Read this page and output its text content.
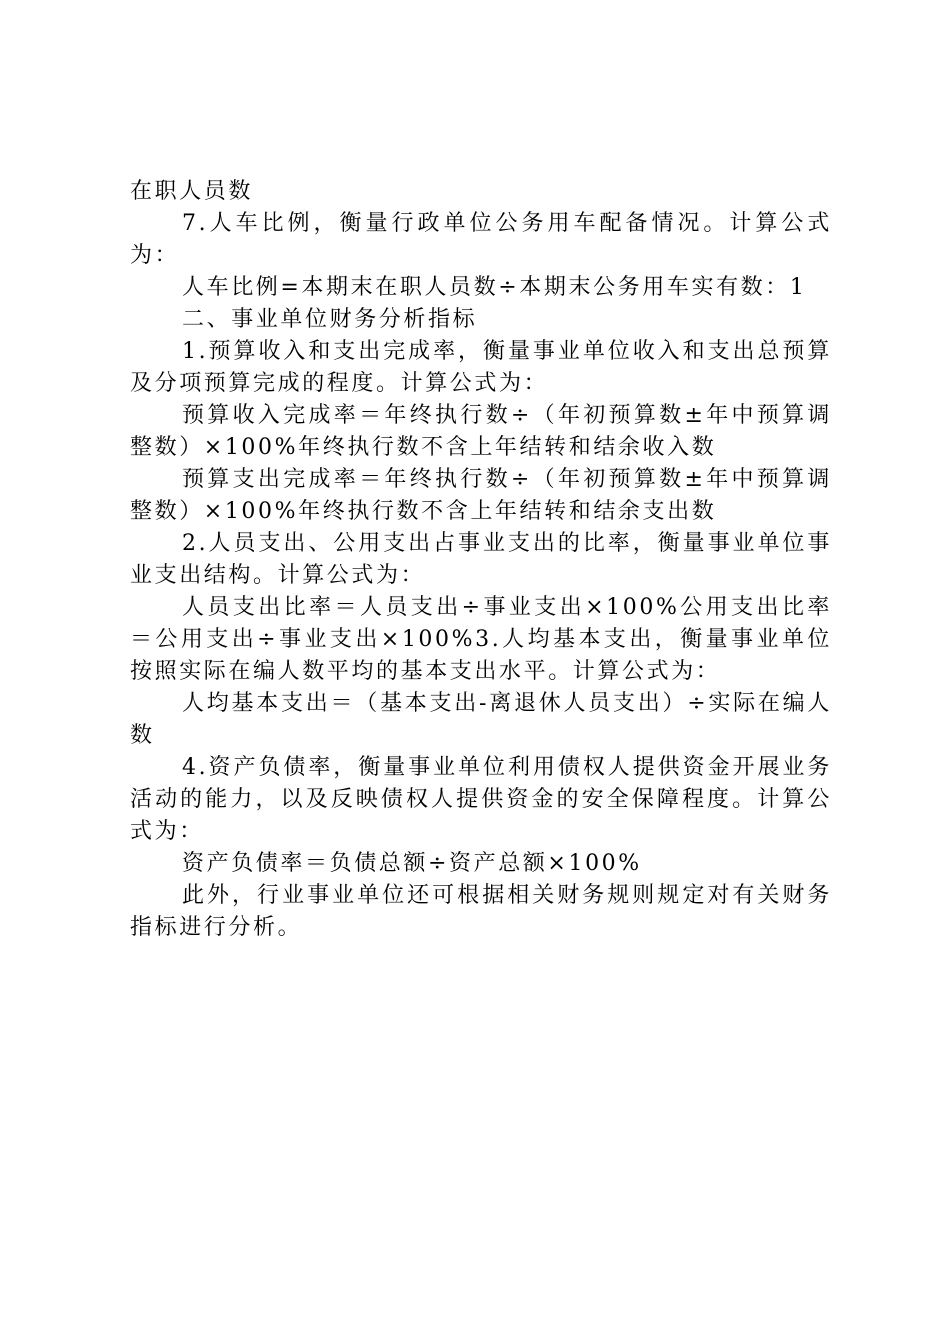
在职人员数

7.人车比例，衡量行政单位公务用车配备情况。计算公式为：

人车比例=本期末在职人员数÷本期末公务用车实有数：1

二、事业单位财务分析指标

1.预算收入和支出完成率，衡量事业单位收入和支出总预算及分项预算完成的程度。计算公式为：

预算收入完成率＝年终执行数÷（年初预算数±年中预算调整数）×100%年终执行数不含上年结转和结余收入数

预算支出完成率＝年终执行数÷（年初预算数±年中预算调整数）×100%年终执行数不含上年结转和结余支出数

2.人员支出、公用支出占事业支出的比率，衡量事业单位事业支出结构。计算公式为：

人员支出比率＝人员支出÷事业支出×100%公用支出比率＝公用支出÷事业支出×100%3.人均基本支出，衡量事业单位按照实际在编人数平均的基本支出水平。计算公式为：

人均基本支出＝（基本支出-离退休人员支出）÷实际在编人数

4.资产负债率，衡量事业单位利用债权人提供资金开展业务活动的能力，以及反映债权人提供资金的安全保障程度。计算公式为：

资产负债率＝负债总额÷资产总额×100%

此外，行业事业单位还可根据相关财务规则规定对有关财务指标进行分析。
